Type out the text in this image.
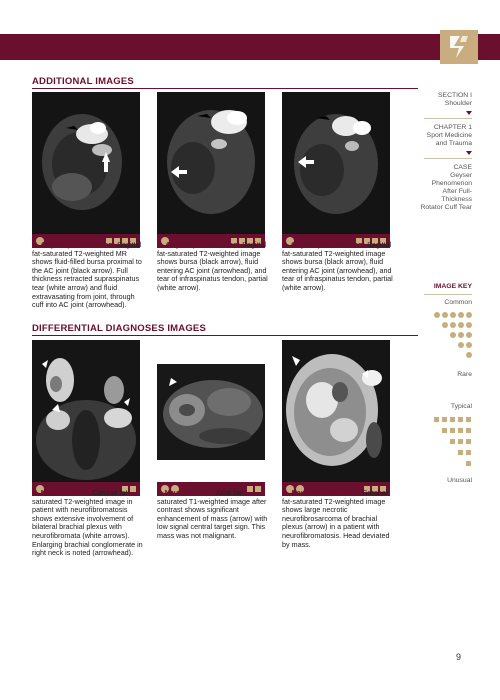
ADDITIONAL IMAGES
B. Geyser phenomenon: Sagittal fat-saturated T2-weighted MR shows fluid-filled bursa proximal to the AC joint (black arrow). Full thickness retracted supraspinatus tear (white arrow) and fluid extravasating from joint, through cuff into AC joint (arrowhead).
C. Geyser phenomenon: Sagittal fat-saturated T2-weighted image shows bursa (black arrow), fluid entering AC joint (arrowhead), and tear of infraspinatus tendon, partial (white arrow).
D. Geyser phenomenon: Sagittal fat-saturated T2-weighted image shows bursa (black arrow), fluid entering AC joint (arrowhead), and tear of infraspinatus tendon, partial (white arrow).
DIFFERENTIAL DIAGNOSES IMAGES
E. Neurofibroma: Coronal fat-saturated T2-weighted image in patient with neurofibromatosis shows extensive involvement of bilateral brachial plexus with neurofibromata (white arrows). Enlarging brachial conglomerate in right neck is noted (arrowhead).
F. Neurofibroma: Axial fat-saturated T1-weighted image after contrast shows significant enhancement of mass (arrow) with low signal central target sign. This mass was not malignant.
G. Neurofibrosarcoma: Coronal fat-saturated T2-weighted image shows large necrotic neurofibrosarcoma of brachial plexus (arrow) in a patient with neurofibromatosis. Head deviated by mass.
SECTION I
Shoulder
CHAPTER 1
Sport Medicine
and Trauma
CASE
Geyser Phenomenon
After Full-Thickness
Rotator Cuff Tear
IMAGE KEY
Common
Rare
Typical
Unusual
9
